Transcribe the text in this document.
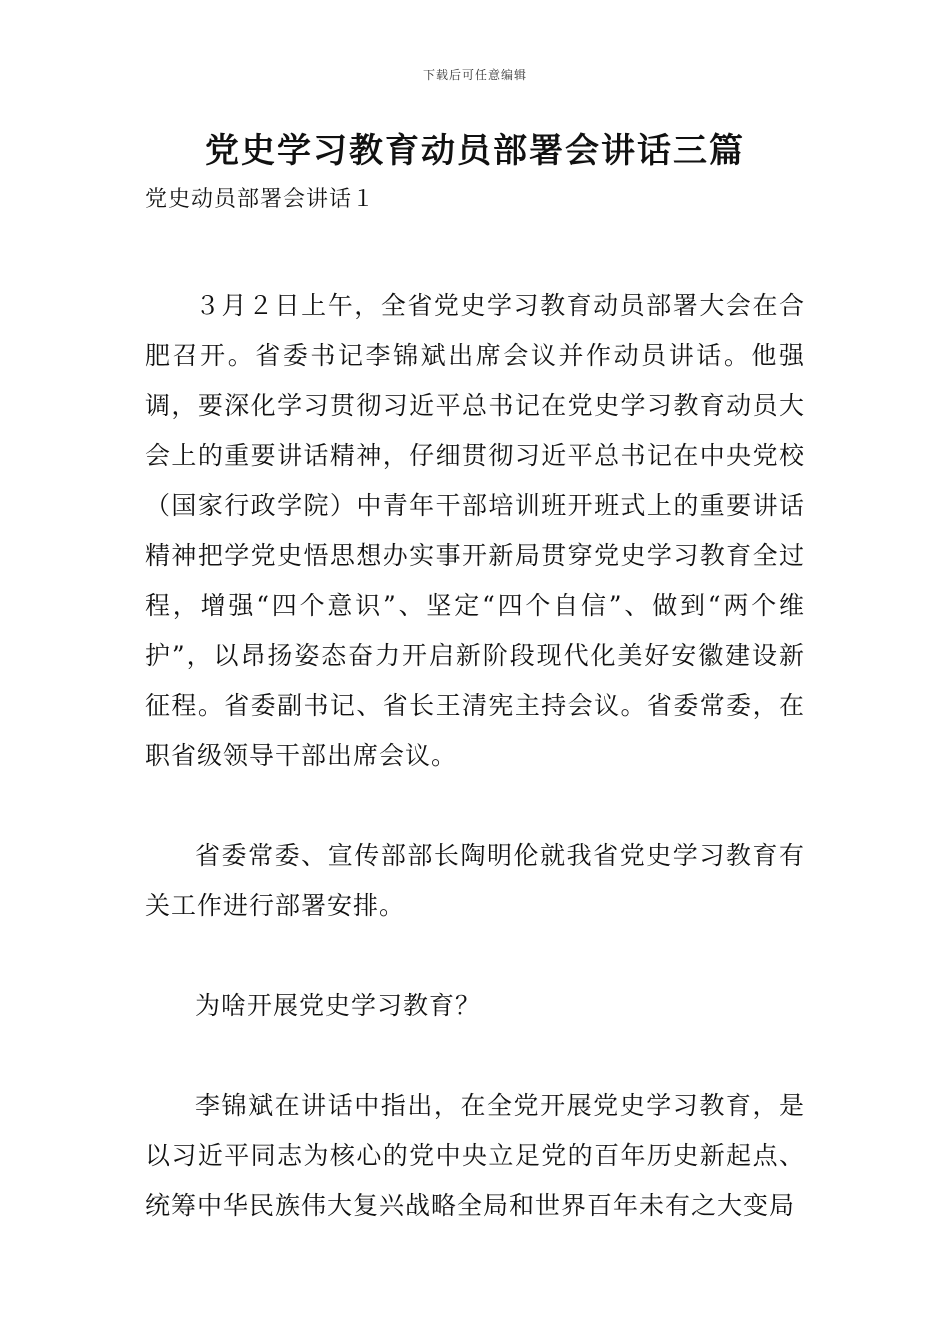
下载后可任意编辑
党史学习教育动员部署会讲话三篇
党史动员部署会讲话１

３月２日上午，全省党史学习教育动员部署大会在合肥召开。省委书记李锦斌出席会议并作动员讲话。他强调，要深化学习贯彻习近平总书记在党史学习教育动员大会上的重要讲话精神，仔细贯彻习近平总书记在中央党校（国家行政学院）中青年干部培训班开班式上的重要讲话精神把学党史悟思想办实事开新局贯穿党史学习教育全过程，增强“四个意识”、坚定“四个自信”、做到“两个维护”，以昂扬姿态奋力开启新阶段现代化美好安徽建设新征程。省委副书记、省长王清宪主持会议。省委常委，在职省级领导干部出席会议。

省委常委、宣传部部长陶明伦就我省党史学习教育有关工作进行部署安排。

为啥开展党史学习教育？

李锦斌在讲话中指出，在全党开展党史学习教育，是以习近平同志为核心的党中央立足党的百年历史新起点、统筹中华民族伟大复兴战略全局和世界百年未有之大变局
